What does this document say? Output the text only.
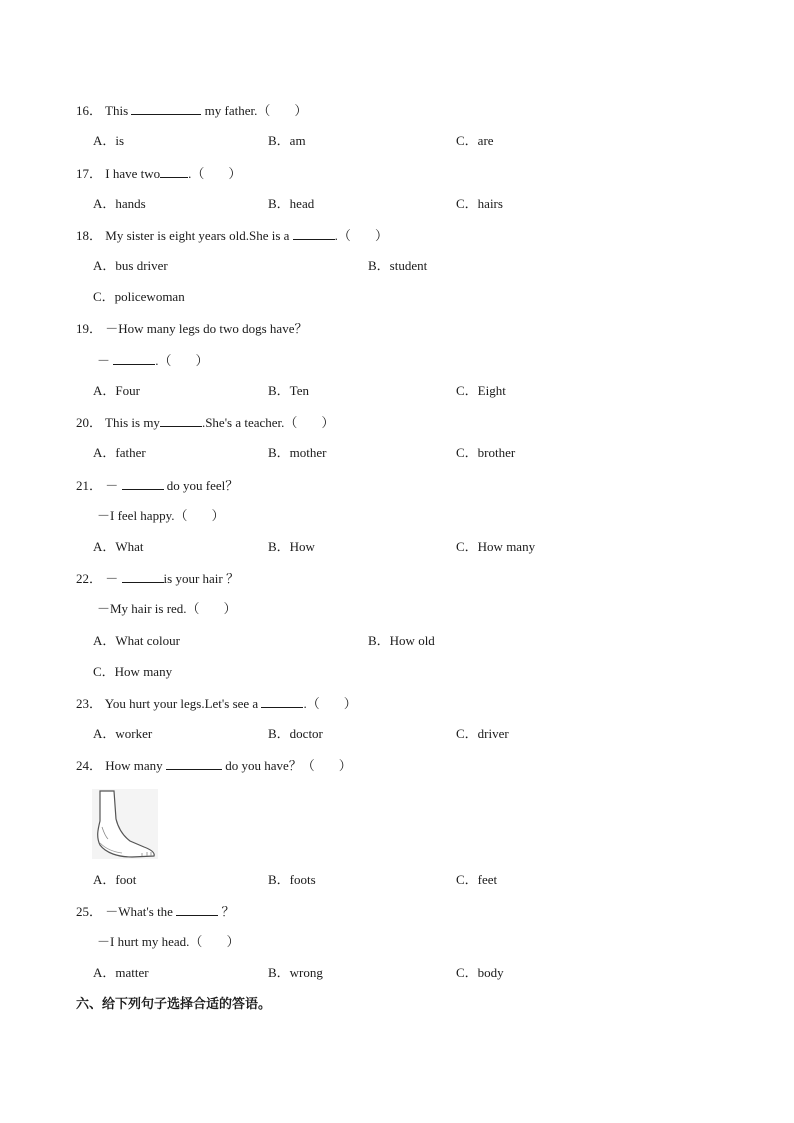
16． This	my father.（ ）
A．is	B．am	C．are
17． I have two .（ ）
A．hands	B．head	C．hairs
18． My sister is eight years old.She is a	.（ ）
A．bus driver	B．student
C．policewoman
19． －How many legs do two dogs have？
－	.（ ）
A．Four	B．Ten	C．Eight
20． This is my	.She's a teacher.（ ）
A．father	B．mother	C．brother
21． －	do you feel？
－I feel happy.（ ）
A．What	B．How	C．How many
22． －	is your hair ？
－My hair is red.（ ）
A．What colour	B．How old
C．How many
23． You hurt your legs.Let's see a	.（ ）
A．worker	B．doctor	C．driver
24． How many	do you have？（ ）
A．foot	B．foots	C．feet
25． －What's the	？
－I hurt my head.（ ）
A．matter	B．wrong	C．body
六、给下列句子选择合适的答语。
